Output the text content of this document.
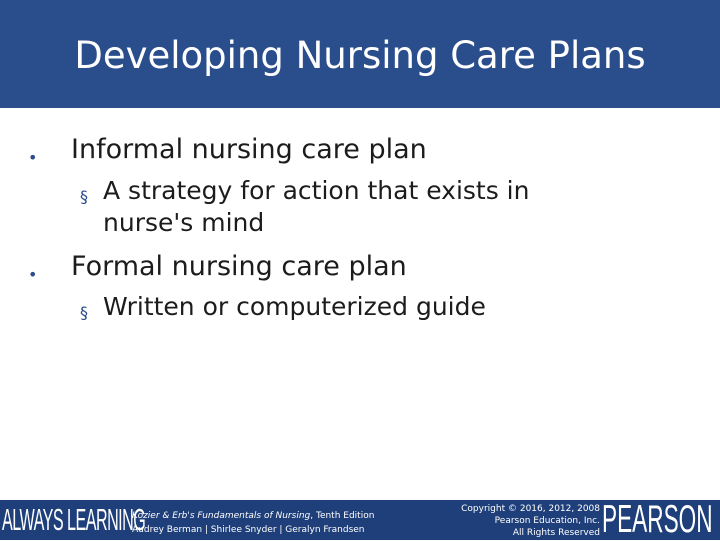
Developing Nursing Care Plans
• Informal nursing care plan
§ A strategy for action that exists in nurse's mind
• Formal nursing care plan
§ Written or computerized guide
ALWAYS LEARNING
Kozier & Erb's Fundamentals of Nursing, Tenth Edition
Audrey Berman | Shirlee Snyder | Geralyn Frandsen
Copyright © 2016, 2012, 2008
Pearson Education, Inc.
All Rights Reserved PEARSON
